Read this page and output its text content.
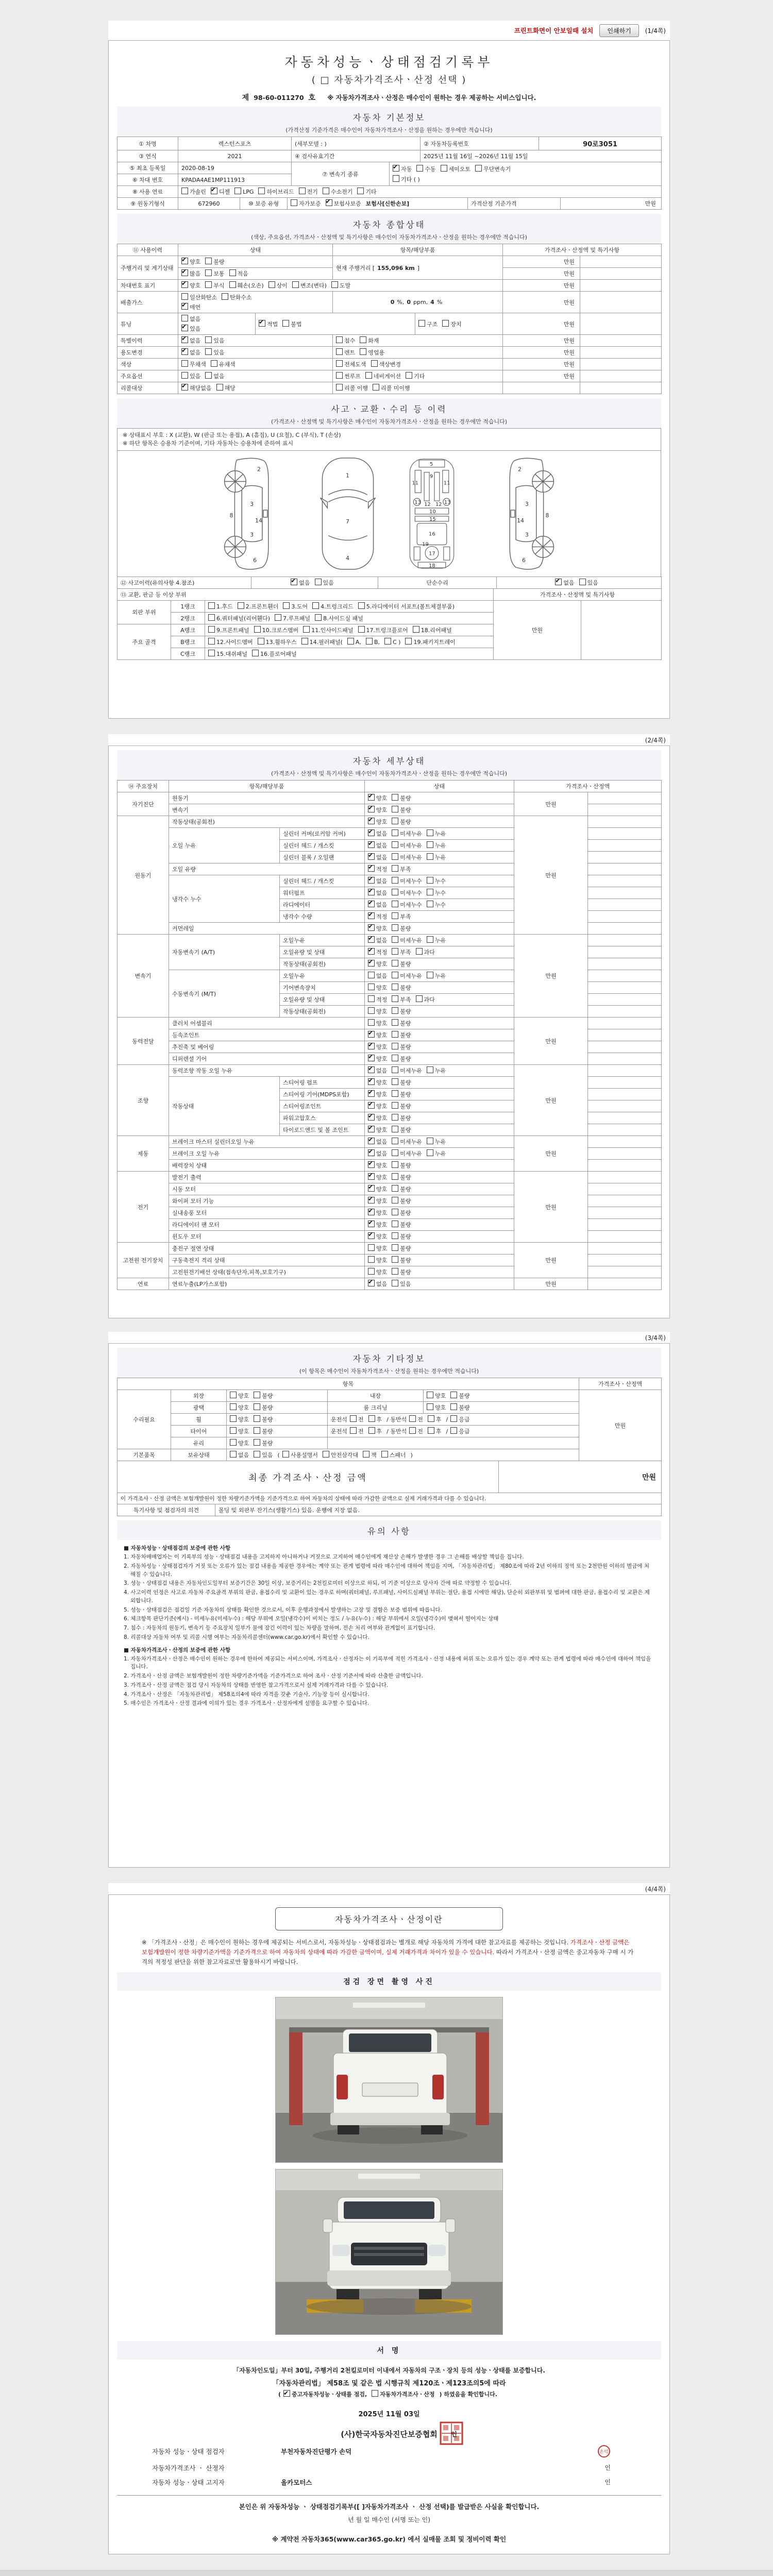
프린트화면이 안보일때 설치	인쇄하기	(1/4쪽)
자동차성능ㆍ상태점검기록부
( □ 자동차가격조사ㆍ산정 선택 )
제 98-60-011270 호 ※ 자동차가격조사ㆍ산정은 매수인이 원하는 경우 제공하는 서비스입니다.
자동차 기본정보
(가격산정 기준가격은 매수인이 자동차가격조사ㆍ산정을 원하는 경우에만 적습니다)
① 차명	렉스턴스포츠	(세부모델 : )	② 자동차등록번호	90로3051
③ 연식	2021	④ 검사유효기간	2025년 11월 16일 ~2026년 11월 15일
⑤ 최초 등록일	2020-08-19	⑦ 변속기 종류	
✔자동 수동 세미오토 무단변속기
기타 ( )

⑥ 차대 번호	KPADA4AE1MP111913		
⑧ 사용 연료	가솔린 ✔ 디젤 LPG 하이브리드 전기 수소전기 기타
⑨ 원동기형식	672960	⑩ 보증 유형	자가보증 ✔ 보험사보증 보험사[신한손보]	가격산정 기준가격	만원
자동차 종합상태
(색상, 주요옵션, 가격조사ㆍ산정액 및 특기사항은 매수인이 자동차가격조사ㆍ산정을 원하는 경우에만 적습니다)
⑪ 사용이력	상태	항목/해당부품	가격조사ㆍ산정액 및 특기사항
주행거리 및 계기상태	✔양호 불량	현재 주행거리 [ 155,096 km ]	만원	
✔많음 보통 적음		만원	
차대번호 표기	✔양호 부식 훼손(오손) 상이 변조(변타) 도말	만원	
배출가스	
일산화탄소 탄화수소
✔매연
	0 %, 0 ppm, 4 %	만원	
튜닝	
없음
✔있음
	✔적법 불법	구조 장치	만원	
특별이력	✔없음 있음	침수 화재	만원	
용도변경	✔없음 있음	렌트 영업용	만원	
색상	무채색 유채색	전체도색 색상변경	만원	
주요옵션	있음 없음	썬루프 네비게이션 기타	만원	
리콜대상	✔해당없음 해당	리콜 이행 리콜 미이행		
사고ㆍ교환ㆍ수리 등 이력
(가격조사ㆍ산정액 및 특기사항은 매수인이 자동차가격조사ㆍ산정을 원하는 경우에만 적습니다)
※ 상태표시 부호 : X (교환), W (판금 또는 용접), A (흠집), U (요철), C (부식), T (손상)
※ 하단 항목은 승용차 기준이며, 기타 자동차는 승용차에 준하여 표시
2
3
8
14
3
6
1
7
4
5
9
11	11
12 12
13	13
10
15
16
17
19
18
2
3
8
14
3
6
⑫ 사고이력(유의사항 4.참조)	✔없음 있음	단순수리	✔없음 있음
⑬ 교환, 판금 등 이상 부위	가격조사ㆍ산정액 및 특기사항
외판 부위	1랭크	1.후드 2.프론트휀더 3.도어 4.트렁크리드 5.라디에이터 서포트(볼트체결부품)	만원	
	2랭크	6.쿼터패널(리어휀다) 7.루프패널 8.사이드실 패널		
주요 골격	A랭크	9.프론트패널 10.크로스멤버 11.인사이드패널 17.트렁크플로어 18.리어패널		
	B랭크	12.사이드멤버 13.휠하우스 14.필러패널( A, B, C ) 19.패키지트레이		
	C랭크	15.대쉬패널 16.플로어패널		
(2/4쪽)
자동차 세부상태
(가격조사ㆍ산정액 및 특기사항은 매수인이 자동차가격조사ㆍ산정을 원하는 경우에만 적습니다)
⑭ 주요장치	항목/해당부품		상태	가격조사ㆍ산정액	
자기진단	원동기	✔양호 불량	만원	
	변속기	✔양호 불량	
원동기	작동상태(공회전)	✔양호 불량	만원	
	오일 누유	실린더 커버(로커암 커버)	✔없음 미세누유 누유	
		실린더 헤드 / 개스킷	✔없음 미세누유 누유	
		실린더 블록 / 오일팬	✔없음 미세누유 누유	
	오일 유량	✔적정 부족	
	냉각수 누수	실린더 헤드 / 개스킷	✔없음 미세누수 누수	
		워터펌프	✔없음 미세누수 누수	
		라디에이터	✔없음 미세누수 누수	
		냉각수 수량	✔적정 부족	
	커먼레일	✔양호 불량	
변속기	자동변속기 (A/T)	오일누유	✔없음 미세누유 누유	만원	
		오일유량 및 상태	✔적정 부족 과다	
		작동상태(공회전)	✔양호 불량	
	수동변속기 (M/T)	오일누유	없음 미세누유 누유		
		기어변속장치	양호 불량		
		오일유량 및 상태	적정 부족 과다		
		작동상태(공회전)	양호 불량		
동력전달	클러치 어셈블리		양호 불량	만원	
	등속조인트	✔양호 불량	
	추진축 및 베어링	✔양호 불량	
	디퍼렌셜 기어	✔양호 불량	
조향	동력조향 작동 오일 누유	✔없음 미세누유 누유	만원	
	작동상태	스티어링 펌프	✔양호 불량	
		스티어링 기어(MDPS포함)	✔양호 불량	
		스티어링조인트	✔양호 불량	
		파워고압호스	✔양호 불량	
		타이로드엔드 및 볼 조인트	✔양호 불량	
제동	브레이크 마스터 실린더오일 누유	✔없음 미세누유 누유	만원	
	브레이크 오일 누유	✔없음 미세누유 누유	
	배력장치 상태	✔양호 불량	
전기	발전기 출력	✔양호 불량	만원	
	시동 모터	✔양호 불량	
	와이퍼 모터 기능	✔양호 불량	
	실내송풍 모터	✔양호 불량	
	라디에이터 팬 모터	✔양호 불량	
	윈도우 모터	✔양호 불량	
고전원 전기장치	충전구 절연 상태		양호 불량	만원	
	구동축전지 격리 상태		양호 불량		
	고전원전기배선 상태(접속단자,피복,보호기구)		양호 불량		
연료	연료누출(LP가스포함)	✔없음 있음	만원	
(3/4쪽)
자동차 기타정보
(이 항목은 매수인이 자동차가격조사ㆍ산정을 원하는 경우에만 적습니다)
항목					가격조사ㆍ산정액
수리필요	외장	양호 불량	내장	양호 불량	만원
	광택	양호 불량	룸 크리닝	양호 불량	
	휠	양호 불량	운전석 전 후 / 동반석 전 후 / 응급		
	타이어	양호 불량	운전석 전 후 / 동반석 전 후 / 응급		
	유리	양호 불량			
기본품목	보유상태	없음 있음 ( 사용설명서 안전삼각대 잭 스패너 )			
최종 가격조사ㆍ산정 금액	만원
이 가격조사ㆍ산정 금액은 보험개발원이 정한 차량기준가액을 기준가격으로 하여 자동차의 상태에 따라 가감한 금액으로 실제 거래가격과 다를 수 있습니다.
특기사항 및 점검자의 의견	몰딩 및 외판부 잔기스(생활기스) 있음. 운행에 지장 없음.
유의 사항
■ 자동차성능ㆍ상태점검의 보증에 관한 사항
1. 자동차매매업자는 이 기록부의 성능ㆍ상태점검 내용을 고지하지 아니하거나 거짓으로 고지하여 매수인에게 재산상 손해가 발생한 경우 그 손해를 배상할 책임을 집니다.
2. 자동차성능ㆍ상태점검자가 거짓 또는 오류가 있는 점검 내용을 제공한 경우에는 계약 또는 관계 법령에 따라 매수인에 대하여 책임을 지며, 「자동차관리법」 제80조에 따라 2년 이하의 징역 또는 2천만원 이하의 벌금에 처해질 수 있습니다.
3. 성능ㆍ상태점검 내용은 자동차인도일부터 보증기간은 30일 이상, 보증거리는 2천킬로미터 이상으로 하되, 이 기준 이상으로 당사자 간에 따로 약정할 수 있습니다.
4. 사고이력 인정은 사고로 자동차 주요골격 부위의 판금, 용접수리 및 교환이 있는 경우로 하며(쿼터패널, 루프패널, 사이드실패널 부위는 절단, 용접 시에만 해당), 단순히 외판부위 및 범퍼에 대한 판금, 용접수리 및 교환은 제외합니다.
5. 성능ㆍ상태점검은 점검일 기준 자동차의 상태를 확인한 것으로서, 이후 운행과정에서 발생하는 고장 및 결함은 보증 범위에 따릅니다.
6. 체크항목 판단기준(예시) - 미세누유(미세누수) : 해당 부위에 오일(냉각수)이 비치는 정도 / 누유(누수) : 해당 부위에서 오일(냉각수)이 맺혀서 떨어지는 상태
7. 침수 : 자동차의 원동기, 변속기 등 주요장치 일부가 물에 잠긴 이력이 있는 차량을 말하며, 전손 처리 여부와 관계없이 표기합니다.
8. 리콜대상 자동차 여부 및 리콜 시행 여부는 자동차리콜센터(www.car.go.kr)에서 확인할 수 있습니다.
■ 자동차가격조사ㆍ산정의 보증에 관한 사항
1. 자동차가격조사ㆍ산정은 매수인이 원하는 경우에 한하여 제공되는 서비스이며, 가격조사ㆍ산정자는 이 기록부에 적힌 가격조사ㆍ산정 내용에 허위 또는 오류가 있는 경우 계약 또는 관계 법령에 따라 매수인에 대하여 책임을 집니다.
2. 가격조사ㆍ산정 금액은 보험개발원이 정한 차량기준가액을 기준가격으로 하여 조사ㆍ산정 기준서에 따라 산출한 금액입니다.
3. 가격조사ㆍ산정 금액은 점검 당시 자동차의 상태를 반영한 참고가격으로서 실제 거래가격과 다를 수 있습니다.
4. 가격조사ㆍ산정은 「자동차관리법」 제58조의4에 따라 자격을 갖춘 기술사, 기능장 등이 실시합니다.
5. 매수인은 가격조사ㆍ산정 결과에 이의가 있는 경우 가격조사ㆍ산정자에게 설명을 요구할 수 있습니다.
(4/4쪽)
자동차가격조사ㆍ산정이란
※ 「가격조사ㆍ산정」은 매수인이 원하는 경우에 제공되는 서비스로서, 자동차성능ㆍ상태점검과는 별개로 해당 자동차의 가격에 대한 참고자료를 제공하는 것입니다. 가격조사ㆍ산정 금액은 보험개발원이 정한 차량기준가액을 기준가격으로 하여 자동차의 상태에 따라 가감한 금액이며, 실제 거래가격과 차이가 있을 수 있습니다. 따라서 가격조사ㆍ산정 금액은 중고자동차 구매 시 가격의 적정성 판단을 위한 참고자료로만 활용하시기 바랍니다.
점검 장면 촬영 사진
서 명
「자동차인도일」부터 30일, 주행거리 2천킬로미터 이내에서 자동차의 구조ㆍ장치 등의 성능ㆍ상태를 보증합니다.
「자동차관리법」 제58조 및 같은 법 시행규칙 제120조ㆍ제123조의5에 따라
( ✔ 중고자동차성능ㆍ상태를 점검, 자동차가격조사ㆍ산정 ) 하였음을 확인합니다.
2025년 11월 03일
(사)한국자동차진단보증협회 인
자동차 성능ㆍ상태 점검자	부천자동차진단평가 손덕	손덕
자동차가격조사 ㆍ 산정자	인
자동차 성능ㆍ상태 고지자	올카모터스	인
본인은 위 자동차성능 ㆍ 상태점검기록부([ ]자동차가격조사 ㆍ 산정 선택)를 발급받은 사실을 확인합니다.
년 월 일 매수인 (서명 또는 인)
※ 계약전 자동차365(www.car365.go.kr) 에서 실매물 조회 및 정비이력 확인
